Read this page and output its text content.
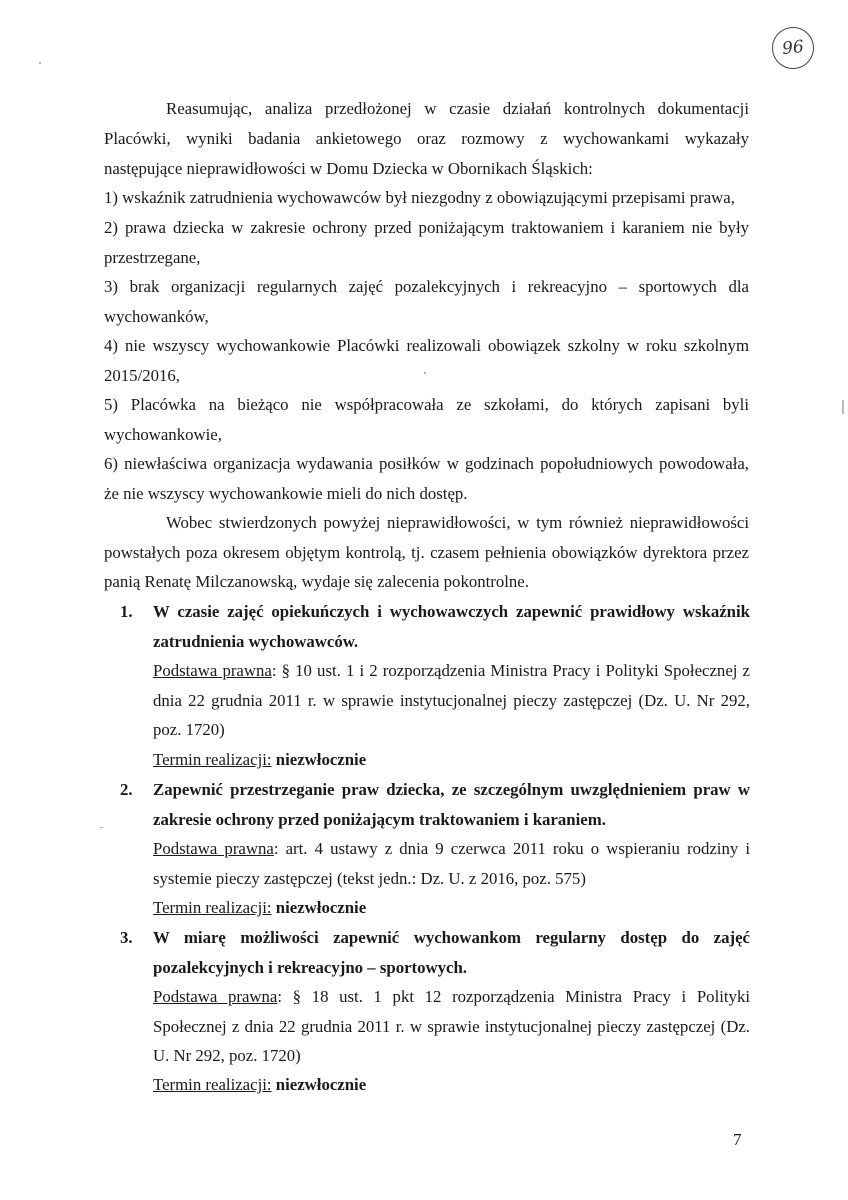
96

Reasumując, analiza przedłożonej w czasie działań kontrolnych dokumentacji

Placówki, wyniki badania ankietowego oraz rozmowy z wychowankami wykazały

następujące nieprawidłowości w Domu Dziecka w Obornikach Śląskich:

1) wskaźnik zatrudnienia wychowawców był niezgodny z obowiązującymi przepisami prawa,

2) prawa dziecka w zakresie ochrony przed poniżającym traktowaniem i karaniem nie były przestrzegane,

3) brak organizacji regularnych zajęć pozalekcyjnych i rekreacyjno – sportowych dla wychowanków,

4) nie wszyscy wychowankowie Placówki realizowali obowiązek szkolny w roku szkolnym 2015/2016,

5) Placówka na bieżąco nie współpracowała ze szkołami, do których zapisani byli wychowankowie,

6) niewłaściwa organizacja wydawania posiłków w godzinach popołudniowych powodowała, że nie wszyscy wychowankowie mieli do nich dostęp.

Wobec stwierdzonych powyżej nieprawidłowości, w tym również nieprawidłowości powstałych poza okresem objętym kontrolą, tj. czasem pełnienia obowiązków dyrektora przez panią Renatę Milczanowską, wydaje się zalecenia pokontrolne.

1. W czasie zajęć opiekuńczych i wychowawczych zapewnić prawidłowy wskaźnik zatrudnienia wychowawców.

Podstawa prawna: § 10 ust. 1 i 2 rozporządzenia Ministra Pracy i Polityki Społecznej z dnia 22 grudnia 2011 r. w sprawie instytucjonalnej pieczy zastępczej (Dz. U. Nr 292, poz. 1720)

Termin realizacji: niezwłocznie

2. Zapewnić przestrzeganie praw dziecka, ze szczególnym uwzględnieniem praw w zakresie ochrony przed poniżającym traktowaniem i karaniem.

Podstawa prawna: art. 4 ustawy z dnia 9 czerwca 2011 roku o wspieraniu rodziny i systemie pieczy zastępczej (tekst jedn.: Dz. U. z 2016, poz. 575)

Termin realizacji: niezwłocznie

3. W miarę możliwości zapewnić wychowankom regularny dostęp do zajęć pozalekcyjnych i rekreacyjno – sportowych.

Podstawa prawna: § 18 ust. 1 pkt 12 rozporządzenia Ministra Pracy i Polityki Społecznej z dnia 22 grudnia 2011 r. w sprawie instytucjonalnej pieczy zastępczej (Dz. U. Nr 292, poz. 1720)

Termin realizacji: niezwłocznie

7
